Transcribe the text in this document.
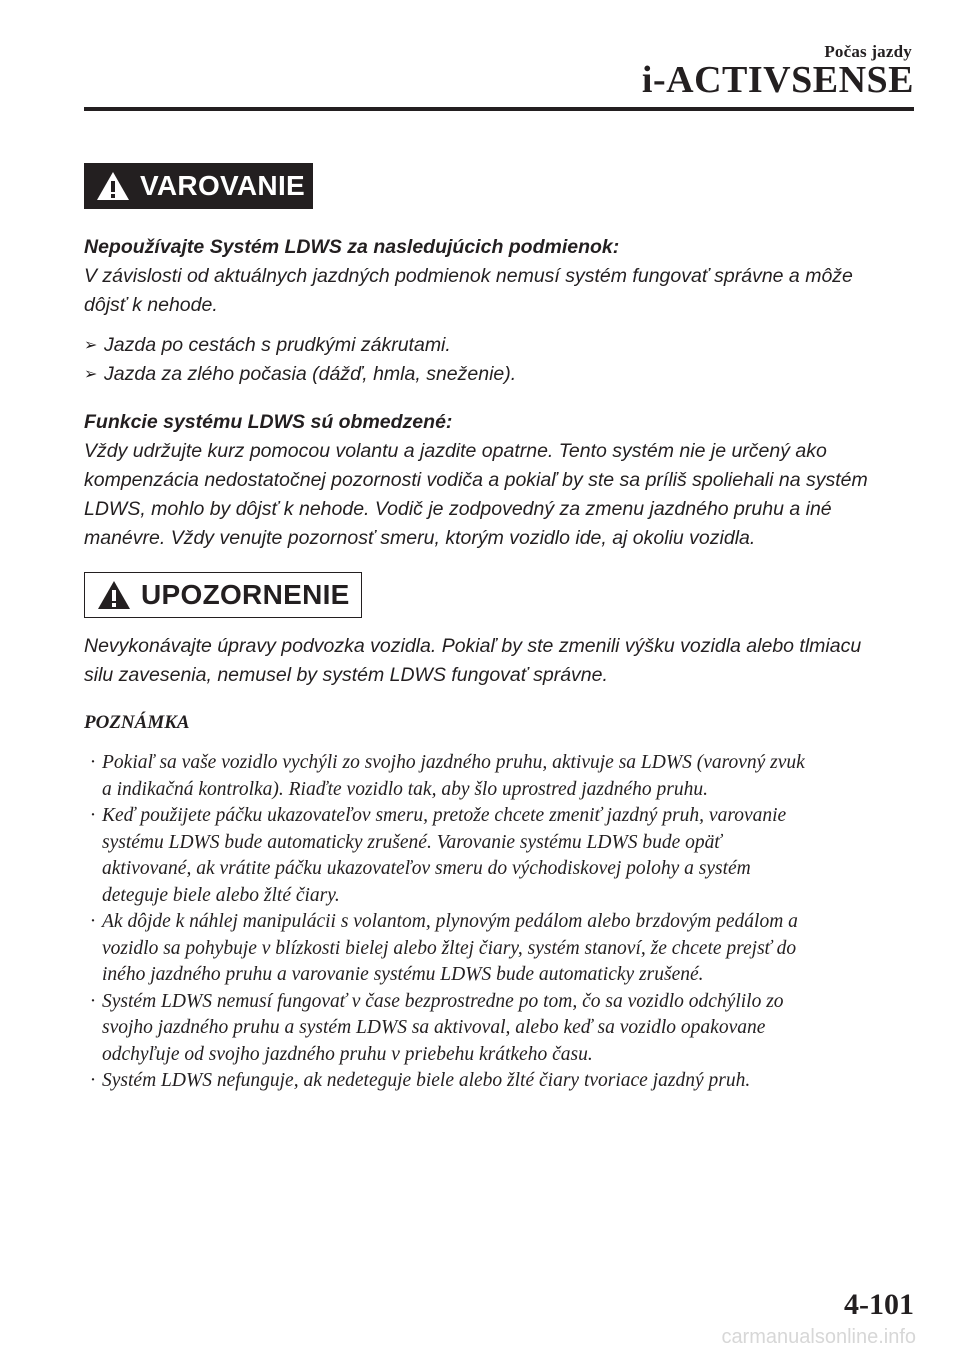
Počas jazdy
i-ACTIVSENSE
VAROVANIE
Nepoužívajte Systém LDWS za nasledujúcich podmienok:
V závislosti od aktuálnych jazdných podmienok nemusí systém fungovať správne a môže
dôjsť k nehode.
➢ Jazda po cestách s prudkými zákrutami.
➢ Jazda za zlého počasia (dážď, hmla, sneženie).
Funkcie systému LDWS sú obmedzené:
Vždy udržujte kurz pomocou volantu a jazdite opatrne. Tento systém nie je určený ako
kompenzácia nedostatočnej pozornosti vodiča a pokiaľ by ste sa príliš spoliehali na systém
LDWS, mohlo by dôjsť k nehode. Vodič je zodpovedný za zmenu jazdného pruhu a iné
manévre. Vždy venujte pozornosť smeru, ktorým vozidlo ide, aj okoliu vozidla.
UPOZORNENIE
Nevykonávajte úpravy podvozka vozidla. Pokiaľ by ste zmenili výšku vozidla alebo tlmiacu
silu zavesenia, nemusel by systém LDWS fungovať správne.
POZNÁMKA
· Pokiaľ sa vaše vozidlo vychýli zo svojho jazdného pruhu, aktivuje sa LDWS (varovný zvuk
a indikačná kontrolka). Riaďte vozidlo tak, aby šlo uprostred jazdného pruhu.
· Keď použijete páčku ukazovateľov smeru, pretože chcete zmeniť jazdný pruh, varovanie
systému LDWS bude automaticky zrušené. Varovanie systému LDWS bude opäť
aktivované, ak vrátite páčku ukazovateľov smeru do východiskovej polohy a systém
deteguje biele alebo žlté čiary.
· Ak dôjde k náhlej manipulácii s volantom, plynovým pedálom alebo brzdovým pedálom a
vozidlo sa pohybuje v blízkosti bielej alebo žltej čiary, systém stanoví, že chcete prejsť do
iného jazdného pruhu a varovanie systému LDWS bude automaticky zrušené.
· Systém LDWS nemusí fungovať v čase bezprostredne po tom, čo sa vozidlo odchýlilo zo
svojho jazdného pruhu a systém LDWS sa aktivoval, alebo keď sa vozidlo opakovane
odchyľuje od svojho jazdného pruhu v priebehu krátkeho času.
· Systém LDWS nefunguje, ak nedeteguje biele alebo žlté čiary tvoriace jazdný pruh.
4-101
carmanualsonline.info
